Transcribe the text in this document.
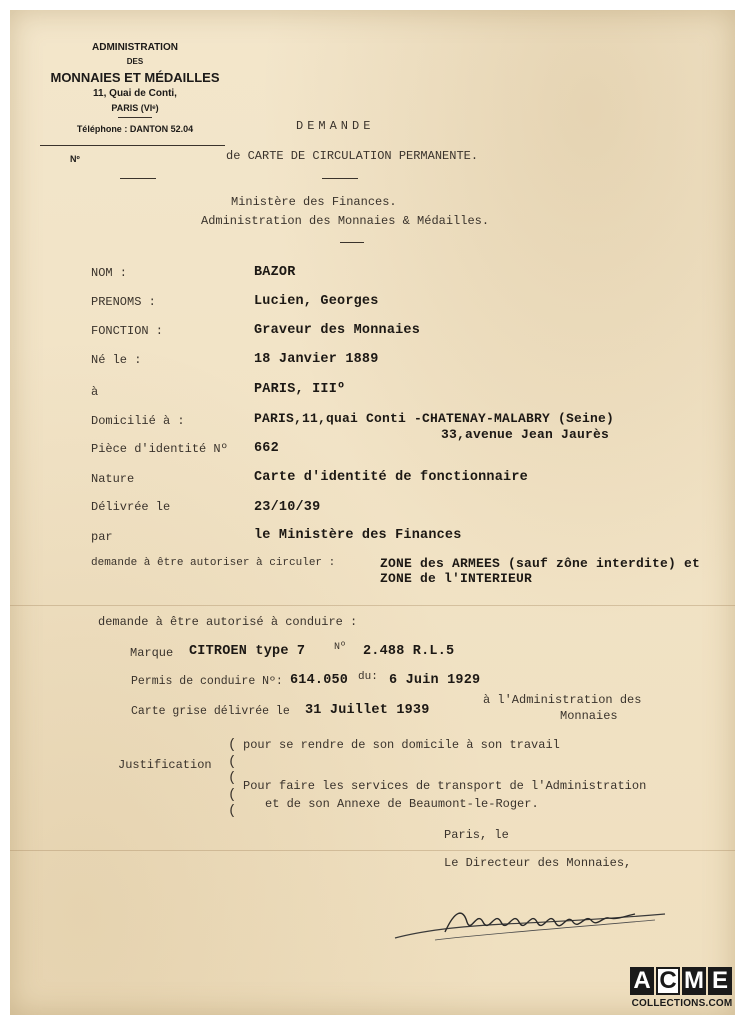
ADMINISTRATION
DES
MONNAIES ET MÉDAILLES
11, Quai de Conti,
PARIS (VIᵉ)
Téléphone : DANTON 52.04
Nº
DEMANDE
de CARTE DE CIRCULATION PERMANENTE.
Ministère des Finances.
Administration des Monnaies & Médailles.
NOM :	BAZOR
PRENOMS :	Lucien, Georges
FONCTION :	Graveur des Monnaies
Né le :	18 Janvier 1889
à	PARIS, IIIº
Domicilié à :	PARIS,11,quai Conti -CHATENAY-MALABRY (Seine)
33,avenue Jean Jaurès
Pièce d'identité Nº 662
Nature	Carte d'identité de fonctionnaire
Délivrée le	23/10/39
par	le Ministère des Finances
demande à être autoriser à circuler :	ZONE des ARMEES (sauf zône interdite) et
ZONE de l'INTERIEUR
demande à être autorisé à conduire :
Marque CITROEN type 7	Nº 2.488 R.L.5
Permis de conduire Nº: 614.050 du: 6 Juin 1929
Carte grise délivrée le 31 Juillet 1939
à l'Administration des
Monnaies
Justification
(
(
(
(
(
pour se rendre de son domicile à son travail
Pour faire les services de transport de l'Administration
et de son Annexe de Beaumont-le-Roger.
Paris, le
Le Directeur des Monnaies,
A C M E
COLLECTIONS.COM
